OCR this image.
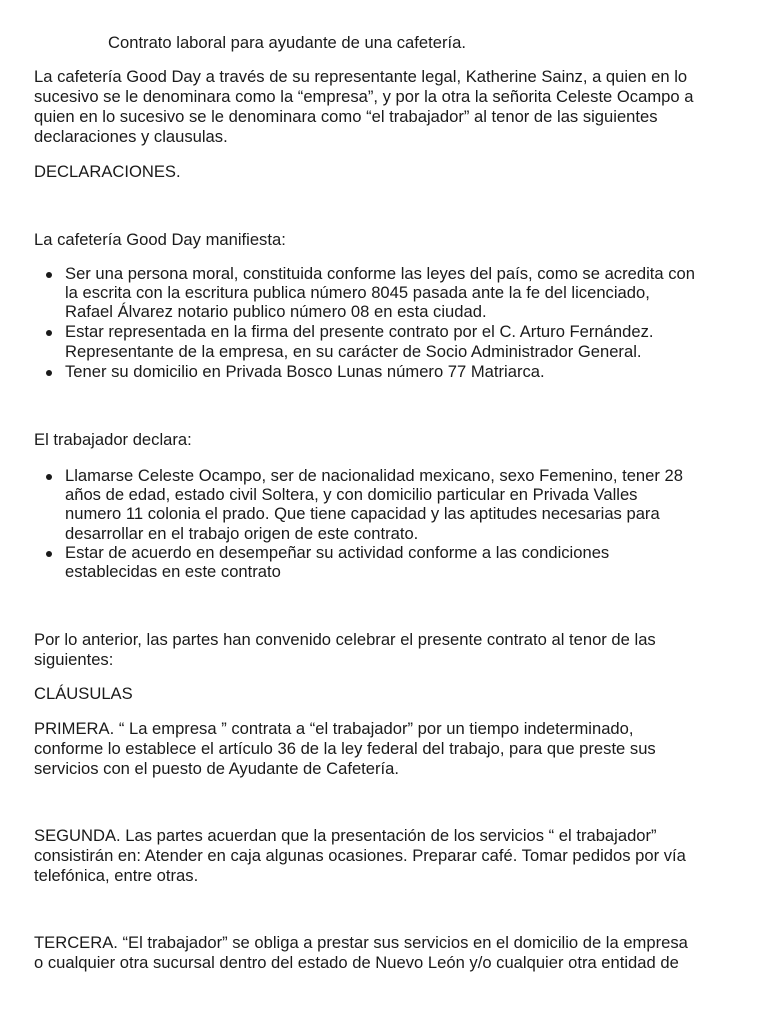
Contrato laboral para ayudante de una cafetería.

La cafetería Good Day a través de su representante legal, Katherine Sainz, a quien en lo

sucesivo se le denominara como la “empresa”, y por la otra la señorita Celeste Ocampo a

quien en lo sucesivo se le denominara como “el trabajador” al tenor de las siguientes

declaraciones y clausulas.

DECLARACIONES.

La cafetería Good Day manifiesta:

Ser una persona moral, constituida conforme las leyes del país, como se acredita con

la escrita con la escritura publica número 8045 pasada ante la fe del licenciado,

Rafael Álvarez notario publico número 08 en esta ciudad.

Estar representada en la firma del presente contrato por el C. Arturo Fernández.

Representante de la empresa, en su carácter de Socio Administrador General.

Tener su domicilio en Privada Bosco Lunas número 77 Matriarca.

El trabajador declara:

Llamarse Celeste Ocampo, ser de nacionalidad mexicano, sexo Femenino, tener 28

años de edad, estado civil Soltera, y con domicilio particular en Privada Valles

numero 11 colonia el prado. Que tiene capacidad y las aptitudes necesarias para

desarrollar en el trabajo origen de este contrato.

Estar de acuerdo en desempeñar su actividad conforme a las condiciones

establecidas en este contrato

Por lo anterior, las partes han convenido celebrar el presente contrato al tenor de las

siguientes:

CLÁUSULAS

PRIMERA. “ La empresa ” contrata a “el trabajador” por un tiempo indeterminado,

conforme lo establece el artículo 36 de la ley federal del trabajo, para que preste sus

servicios con el puesto de Ayudante de Cafetería.

SEGUNDA. Las partes acuerdan que la presentación de los servicios “ el trabajador”

consistirán en: Atender en caja algunas ocasiones. Preparar café. Tomar pedidos por vía

telefónica, entre otras.

TERCERA. “El trabajador” se obliga a prestar sus servicios en el domicilio de la empresa

o cualquier otra sucursal dentro del estado de Nuevo León y/o cualquier otra entidad de
